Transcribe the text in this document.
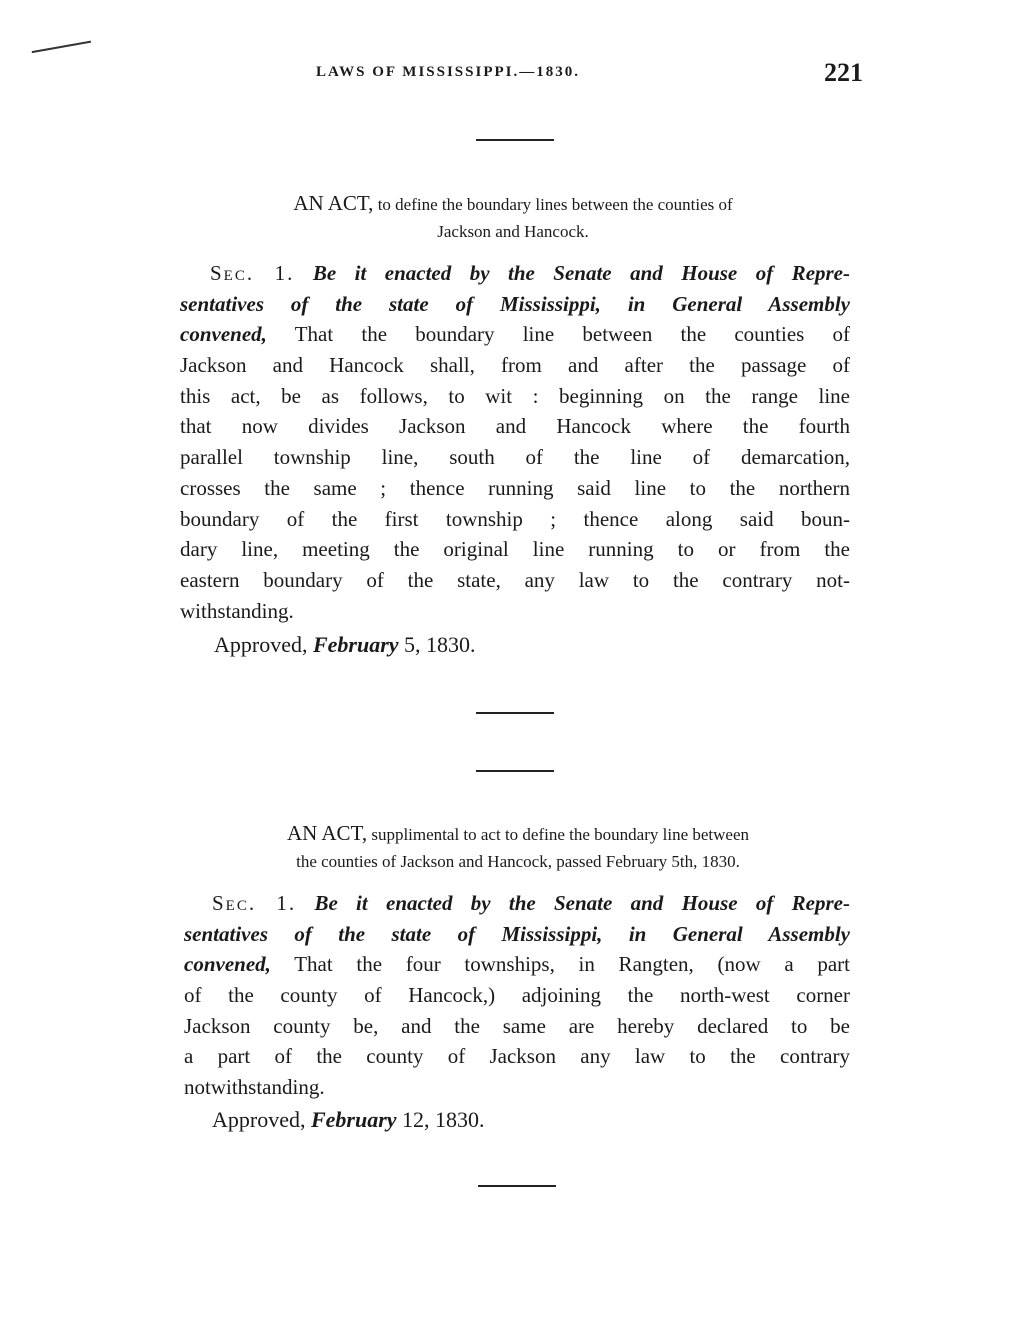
LAWS OF MISSISSIPPI.—1830.	221
AN ACT, to define the boundary lines between the counties of
Jackson and Hancock.
Sec. 1. Be it enacted by the Senate and House of Repre-
sentatives of the state of Mississippi, in General Assembly
convened, That the boundary line between the counties of
Jackson and Hancock shall, from and after the passage of
this act, be as follows, to wit : beginning on the range line
that now divides Jackson and Hancock where the fourth
parallel township line, south of the line of demarcation,
crosses the same ; thence running said line to the northern
boundary of the first township ; thence along said boun-
dary line, meeting the original line running to or from the
eastern boundary of the state, any law to the contrary not-
withstanding.
Approved, February 5, 1830.
AN ACT, supplimental to act to define the boundary line between
the counties of Jackson and Hancock, passed February 5th, 1830.
Sec. 1. Be it enacted by the Senate and House of Repre-
sentatives of the state of Mississippi, in General Assembly
convened, That the four townships, in Rangten, (now a part
of the county of Hancock,) adjoining the north-west corner
Jackson county be, and the same are hereby declared to be
a part of the county of Jackson any law to the contrary
notwithstanding.
Approved, February 12, 1830.
